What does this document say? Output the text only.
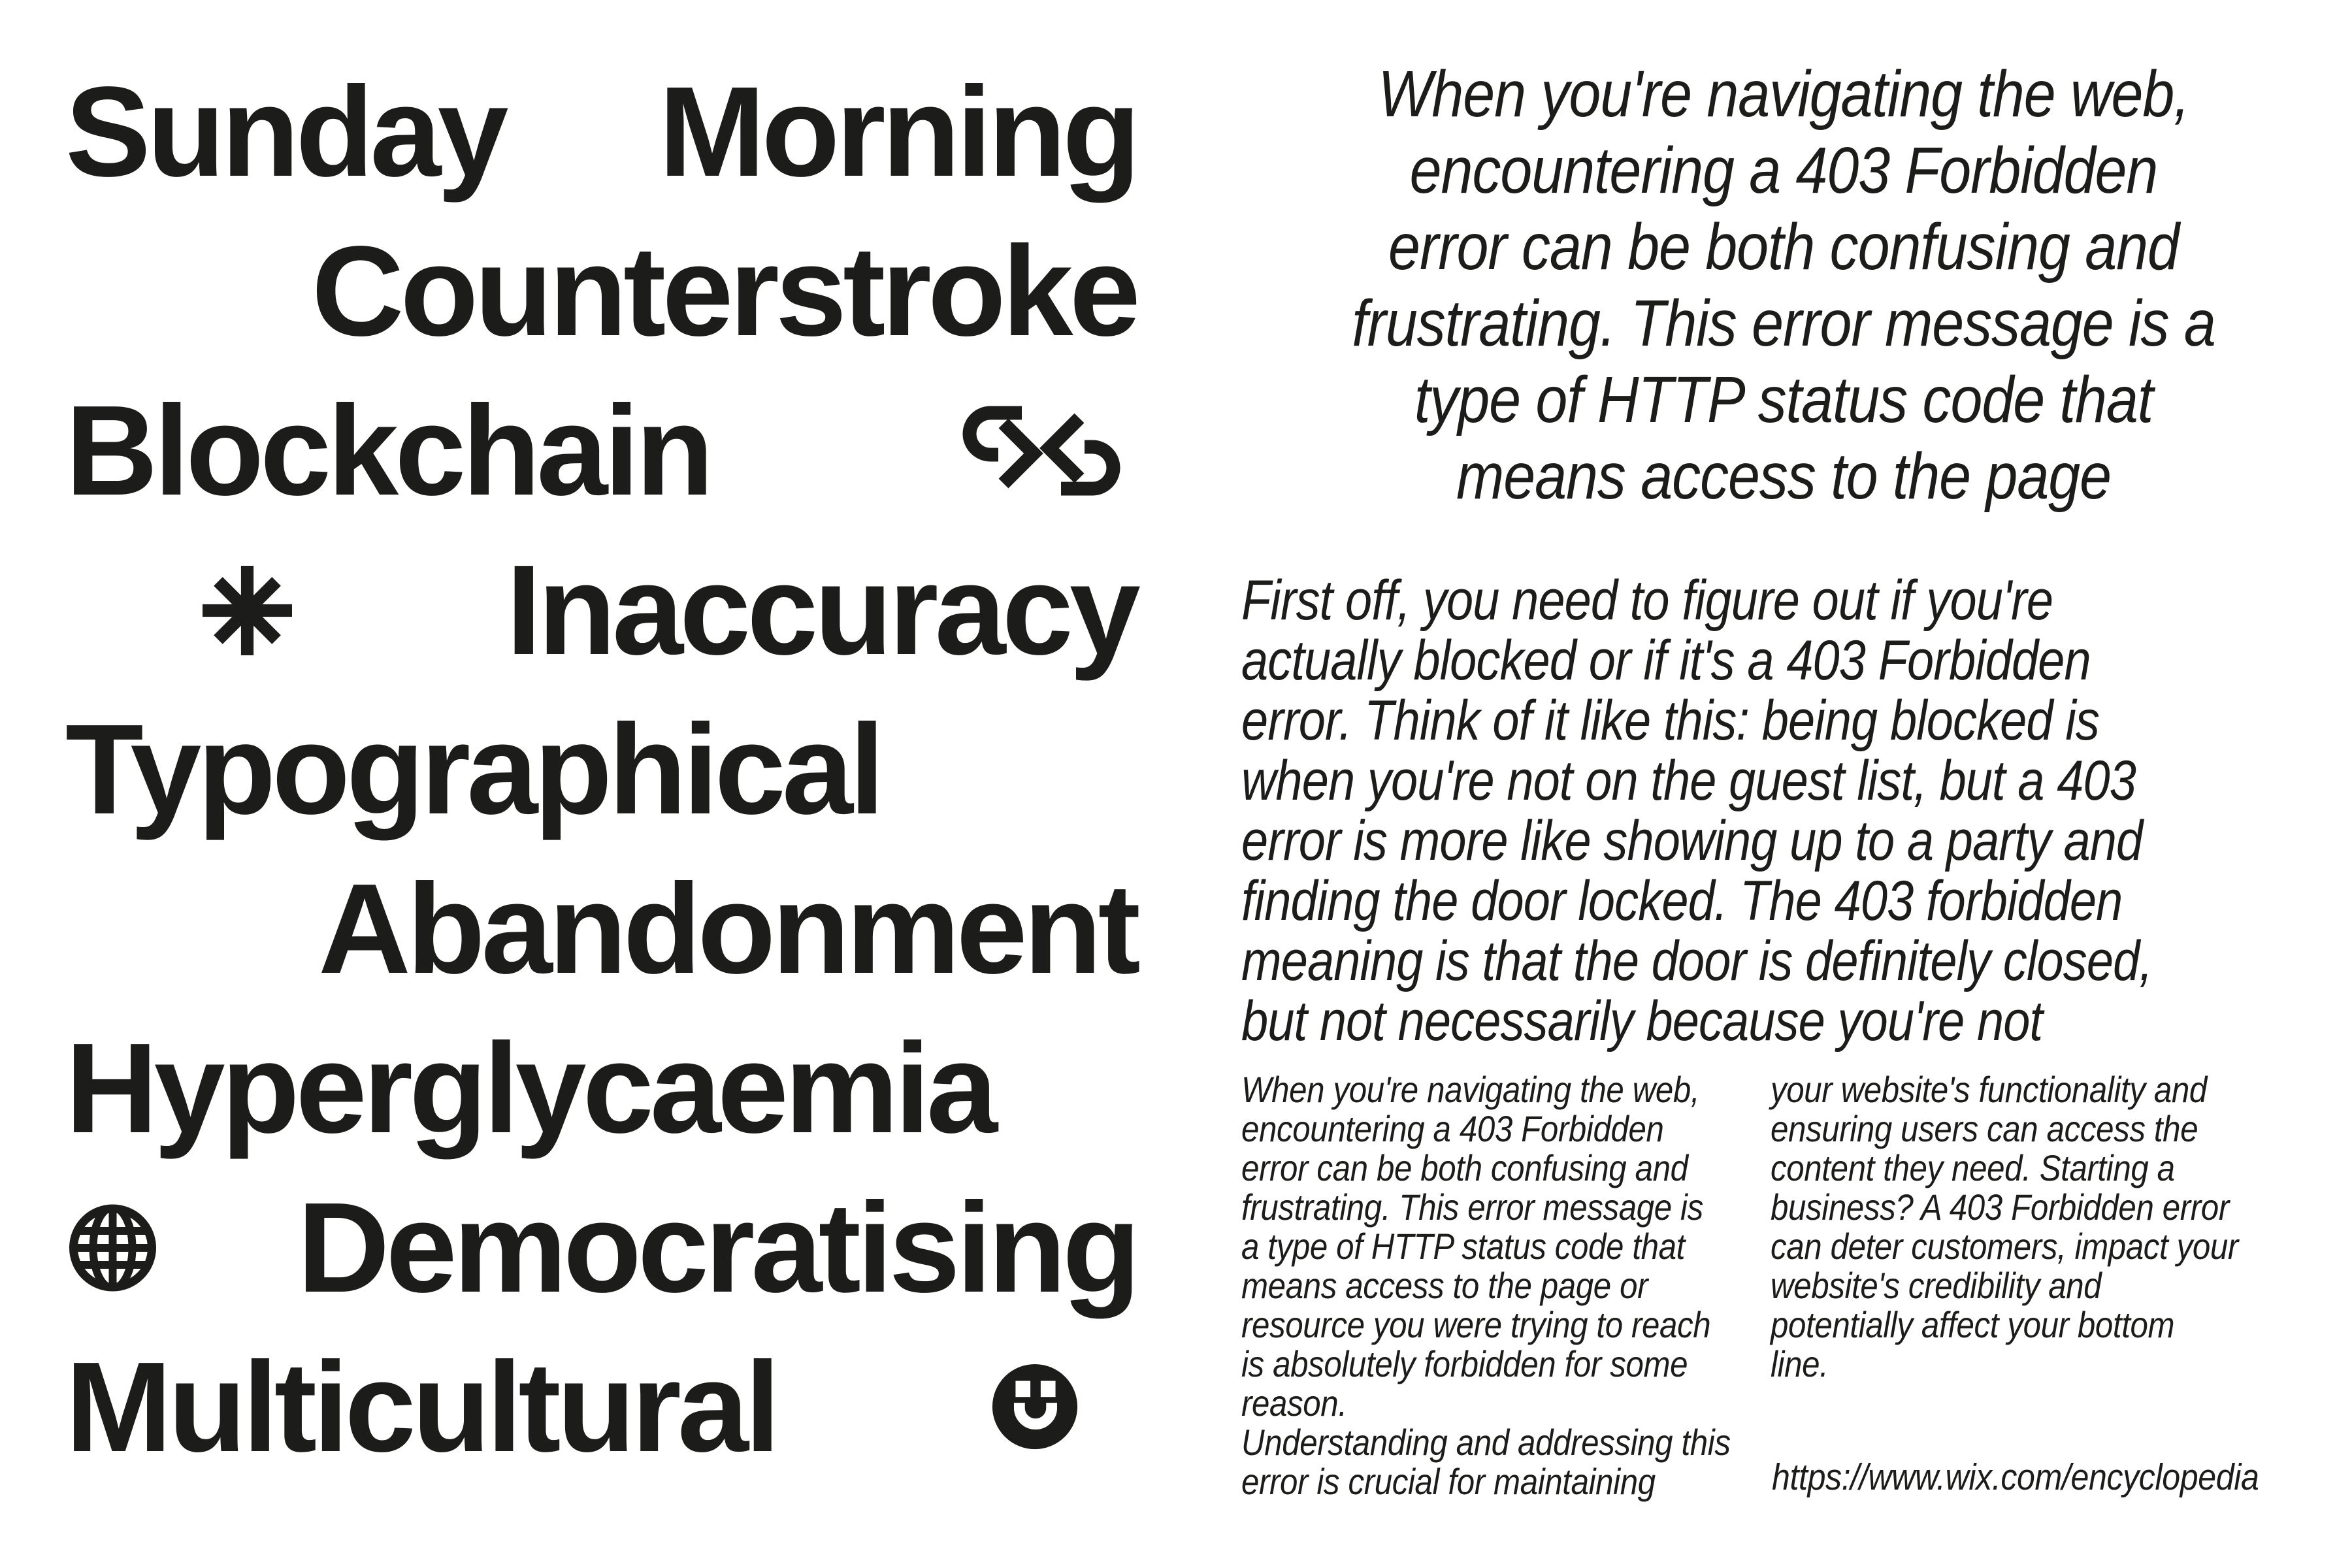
Sunday Morning
Counterstroke
Blockchain
Inaccuracy
Typographical
Abandonment
Hyperglycaemia
Democratising
Multicultural
When you're navigating the web,
encountering a 403 Forbidden
error can be both confusing and
frustrating. This error message is a
type of HTTP status code that
means access to the page
First off, you need to figure out if you're
actually blocked or if it's a 403 Forbidden
error. Think of it like this: being blocked is
when you're not on the guest list, but a 403
error is more like showing up to a party and
finding the door locked. The 403 forbidden
meaning is that the door is definitely closed,
but not necessarily because you're not
When you're navigating the web,
encountering a 403 Forbidden
error can be both confusing and
frustrating. This error message is
a type of HTTP status code that
means access to the page or
resource you were trying to reach
is absolutely forbidden for some
reason.
Understanding and addressing this
error is crucial for maintaining
your website's functionality and
ensuring users can access the
content they need. Starting a
business? A 403 Forbidden error
can deter customers, impact your
website's credibility and
potentially affect your bottom
line.
https://www.wix.com/encyclopedia
